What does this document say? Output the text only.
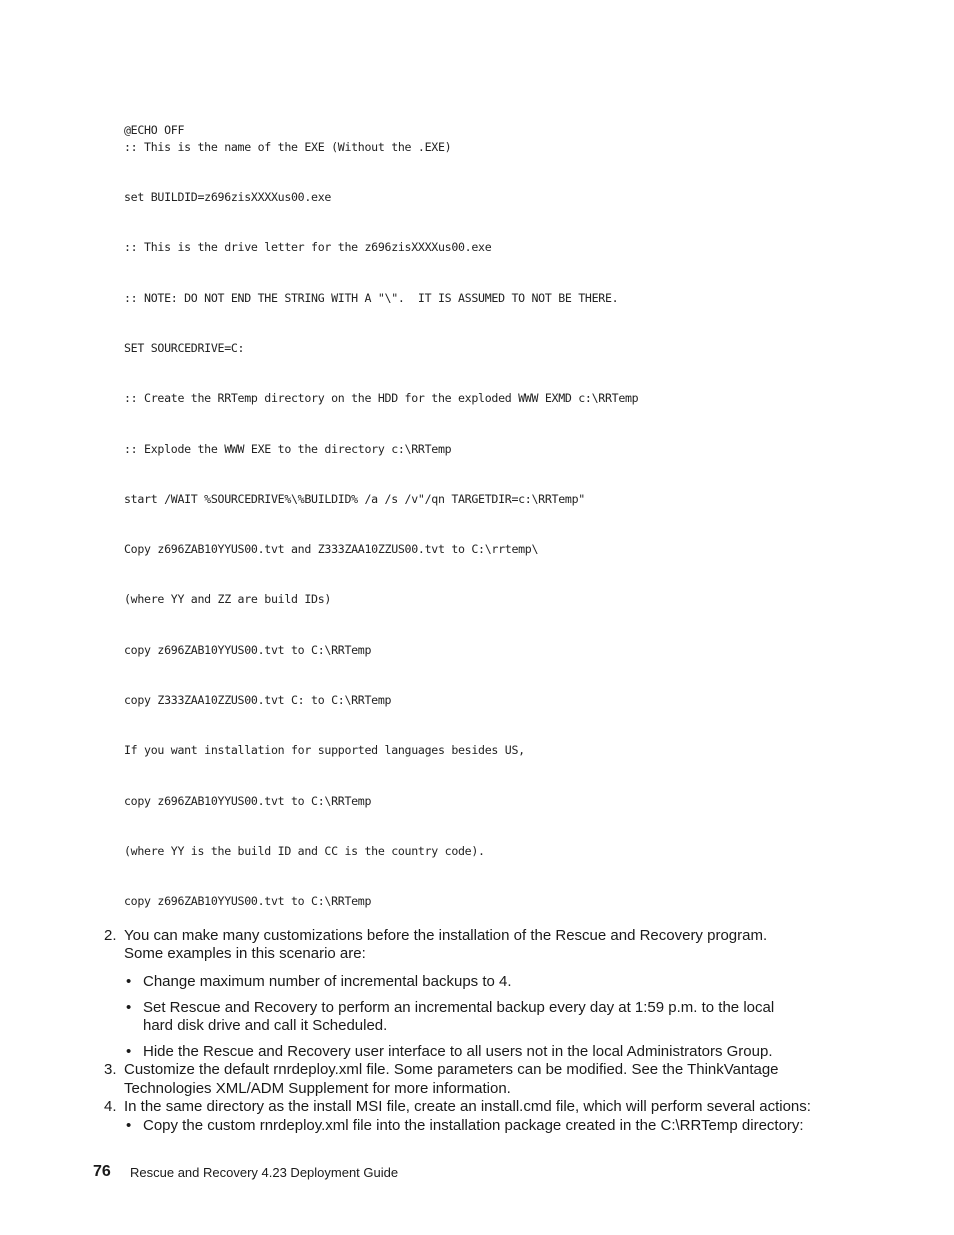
@ECHO OFF
:: This is the name of the EXE (Without the .EXE)
set BUILDID=z696zisXXXXus00.exe
:: This is the drive letter for the z696zisXXXXus00.exe
:: NOTE: DO NOT END THE STRING WITH A "\".  IT IS ASSUMED TO NOT BE THERE.
SET SOURCEDRIVE=C:
:: Create the RRTemp directory on the HDD for the exploded WWW EXMD c:\RRTemp
:: Explode the WWW EXE to the directory c:\RRTemp
start /WAIT %SOURCEDRIVE%\%BUILDID% /a /s /v"/qn TARGETDIR=c:\RRTemp"
Copy z696ZAB10YYUS00.tvt and Z333ZAA10ZZUS00.tvt to C:\rrtemp\
(where YY and ZZ are build IDs)
copy z696ZAB10YYUS00.tvt to C:\RRTemp
copy Z333ZAA10ZZUS00.tvt C: to C:\RRTemp
If you want installation for supported languages besides US,
copy z696ZAB10YYUS00.tvt to C:\RRTemp
(where YY is the build ID and CC is the country code).
copy z696ZAB10YYUS00.tvt to C:\RRTemp
2. You can make many customizations before the installation of the Rescue and Recovery program.

Some examples in this scenario are:

• Change maximum number of incremental backups to 4.

• Set Rescue and Recovery to perform an incremental backup every day at 1:59 p.m. to the local

hard disk drive and call it Scheduled.

• Hide the Rescue and Recovery user interface to all users not in the local Administrators Group.

3. Customize the default rnrdeploy.xml file. Some parameters can be modified. See the ThinkVantage

Technologies XML/ADM Supplement for more information.

4. In the same directory as the install MSI file, create an install.cmd file, which will perform several actions:

• Copy the custom rnrdeploy.xml file into the installation package created in the C:\RRTemp directory:

76 Rescue and Recovery 4.23 Deployment Guide
